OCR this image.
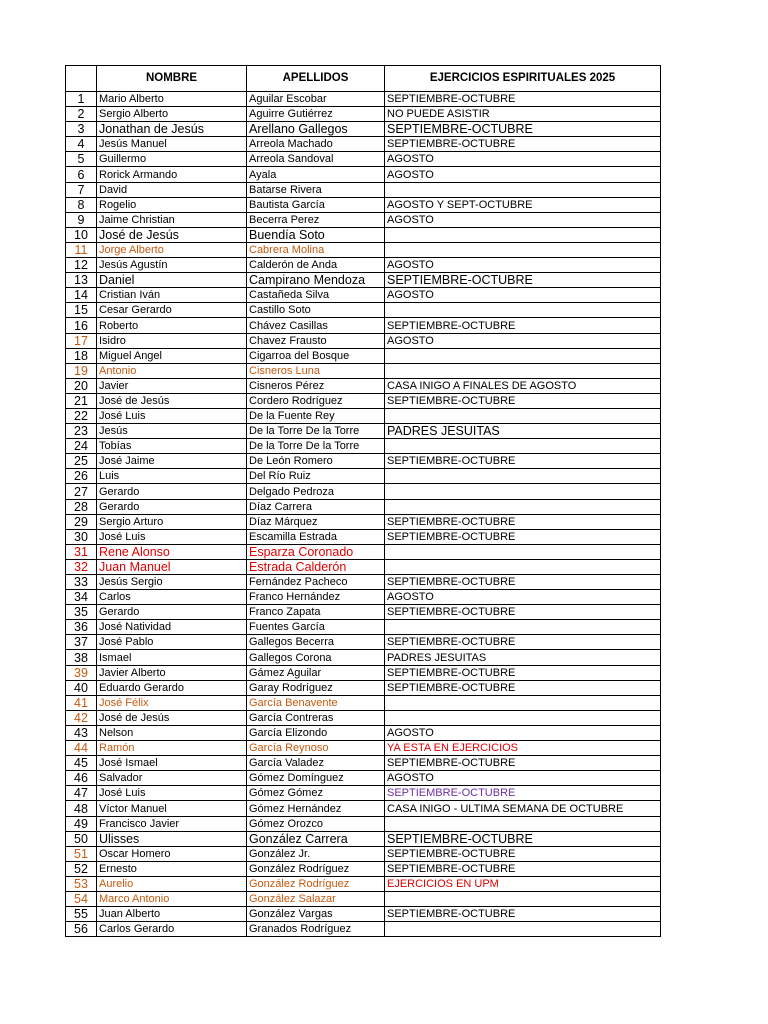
	NOMBRE	APELLIDOS	EJERCICIOS ESPIRITUALES 2025
1	Mario Alberto	Aguilar Escobar	SEPTIEMBRE-OCTUBRE
2	Sergio Alberto	Aguirre Gutiérrez	NO PUEDE ASISTIR
3	Jonathan de Jesús	Arellano Gallegos	SEPTIEMBRE-OCTUBRE
4	Jesús Manuel	Arreola Machado	SEPTIEMBRE-OCTUBRE
5	Guillermo	Arreola Sandoval	AGOSTO
6	Rorick Armando	Ayala	AGOSTO
7	David	Batarse Rivera	
8	Rogelio	Bautista García	AGOSTO Y SEPT-OCTUBRE
9	Jaime Christian	Becerra Perez	AGOSTO
10	José de Jesús	Buendía Soto	
11	Jorge Alberto	Cabrera Molina	
12	Jesús Agustín	Calderón de Anda	AGOSTO
13	Daniel	Campirano Mendoza	SEPTIEMBRE-OCTUBRE
14	Cristian Iván	Castañeda Silva	AGOSTO
15	Cesar Gerardo	Castillo Soto	
16	Roberto	Chávez Casillas	SEPTIEMBRE-OCTUBRE
17	Isidro	Chavez Frausto	AGOSTO
18	Miguel Angel	Cigarroa del Bosque	
19	Antonio	Cisneros Luna	
20	Javier	Cisneros Pérez	CASA INIGO A FINALES DE AGOSTO
21	José de Jesús	Cordero Rodríguez	SEPTIEMBRE-OCTUBRE
22	José Luis	De la Fuente Rey	
23	Jesús	De la Torre De la Torre	PADRES JESUITAS
24	Tobías	De la Torre De la Torre	
25	José Jaime	De León Romero	SEPTIEMBRE-OCTUBRE
26	Luis	Del Río Ruiz	
27	Gerardo	Delgado Pedroza	
28	Gerardo	Díaz Carrera	
29	Sergio Arturo	Díaz Márquez	SEPTIEMBRE-OCTUBRE
30	José Luis	Escamilla Estrada	SEPTIEMBRE-OCTUBRE
31	Rene Alonso	Esparza Coronado	
32	Juan Manuel	Estrada Calderón	
33	Jesús Sergio	Fernández Pacheco	SEPTIEMBRE-OCTUBRE
34	Carlos	Franco Hernández	AGOSTO
35	Gerardo	Franco Zapata	SEPTIEMBRE-OCTUBRE
36	José Natividad	Fuentes García	
37	José Pablo	Gallegos Becerra	SEPTIEMBRE-OCTUBRE
38	Ismael	Gallegos Corona	PADRES JESUITAS
39	Javier Alberto	Gámez Aguilar	SEPTIEMBRE-OCTUBRE
40	Eduardo Gerardo	Garay Rodríguez	SEPTIEMBRE-OCTUBRE
41	José Félix	García Benavente	
42	José de Jesús	García Contreras	
43	Nelson	García Elizondo	AGOSTO
44	Ramón	García Reynoso	YA ESTA EN EJERCICIOS
45	José Ismael	García Valadez	SEPTIEMBRE-OCTUBRE
46	Salvador	Gómez Domínguez	AGOSTO
47	José Luis	Gómez Gómez	SEPTIEMBRE-OCTUBRE
48	Víctor Manuel	Gómez Hernández	CASA INIGO - ULTIMA SEMANA DE OCTUBRE
49	Francisco Javier	Gómez Orozco	
50	Ulisses	González Carrera	SEPTIEMBRE-OCTUBRE
51	Oscar Homero	González Jr.	SEPTIEMBRE-OCTUBRE
52	Ernesto	González Rodríguez	SEPTIEMBRE-OCTUBRE
53	Aurelio	González Rodríguez	EJERCICIOS EN UPM
54	Marco Antonio	González Salazar	
55	Juan Alberto	González Vargas	SEPTIEMBRE-OCTUBRE
56	Carlos Gerardo	Granados Rodríguez	
